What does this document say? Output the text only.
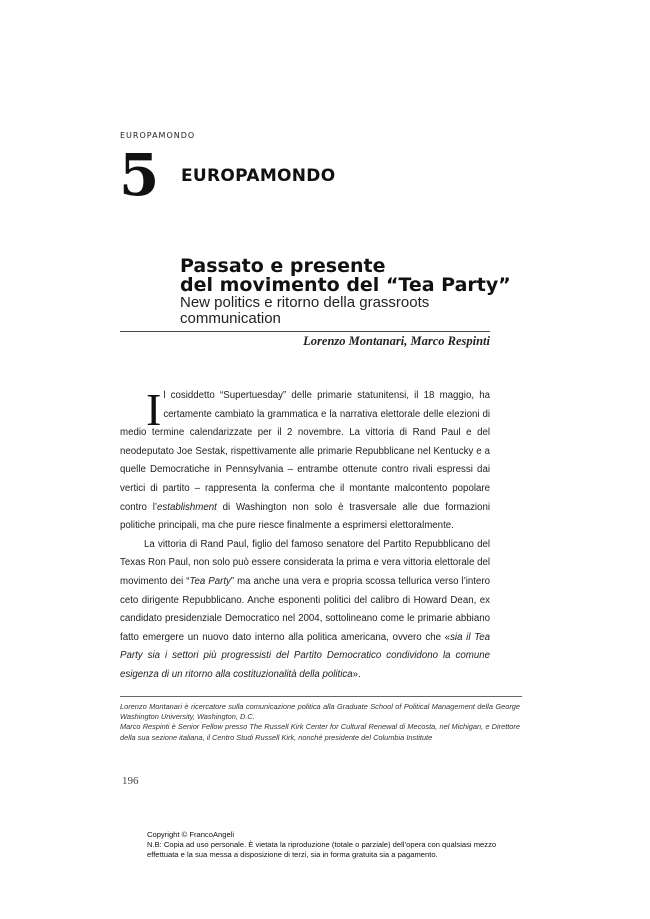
EUROPAMONDO
5 EUROPAMONDO
Passato e presente
del movimento del “Tea Party”
New politics e ritorno della grassroots
communication
Lorenzo Montanari, Marco Respinti

Il cosiddetto “Supertuesday” delle primarie statunitensi, il 18 maggio, ha certamente cambiato la grammatica e la narrativa elettorale delle elezioni di medio termine calendarizzate per il 2 novembre. La vittoria di Rand Paul e del neodeputato Joe Sestak, rispettivamente alle primarie Repubblicane nel Kentucky e a quelle Democratiche in Pennsylvania – entrambe ottenute contro rivali espressi dai vertici di partito – rappresenta la conferma che il montante malcontento popolare contro l’establishment di Washington non solo è trasversale alle due formazioni politiche principali, ma che pure riesce finalmente a esprimersi elettoralmente.

La vittoria di Rand Paul, figlio del famoso senatore del Partito Repubblicano del Texas Ron Paul, non solo può essere considerata la prima e vera vittoria elettorale del movimento dei “Tea Party” ma anche una vera e propria scossa tellurica verso l’intero ceto dirigente Repubblicano. Anche esponenti politici del calibro di Howard Dean, ex candidato presidenziale Democratico nel 2004, sottolineano come le primarie abbiano fatto emergere un nuovo dato interno alla politica americana, ovvero che «sia il Tea Party sia i settori più progressisti del Partito Democratico condividono la comune esigenza di un ritorno alla costituzionalità della politica».

Lorenzo Montanari è ricercatore sulla comunicazione politica alla Graduate School of Political Management della George Washington University, Washington, D.C.

Marco Respinti è Senior Fellow presso The Russell Kirk Center for Cultural Renewal di Mecosta, nel Michigan, e Direttore della sua sezione italiana, il Centro Studi Russell Kirk, nonché presidente del Columbia Institute

196
Copyright © FrancoAngeli
N.B: Copia ad uso personale. È vietata la riproduzione (totale o parziale) dell’opera con qualsiasi mezzo
effettuata e la sua messa a disposizione di terzi, sia in forma gratuita sia a pagamento.
